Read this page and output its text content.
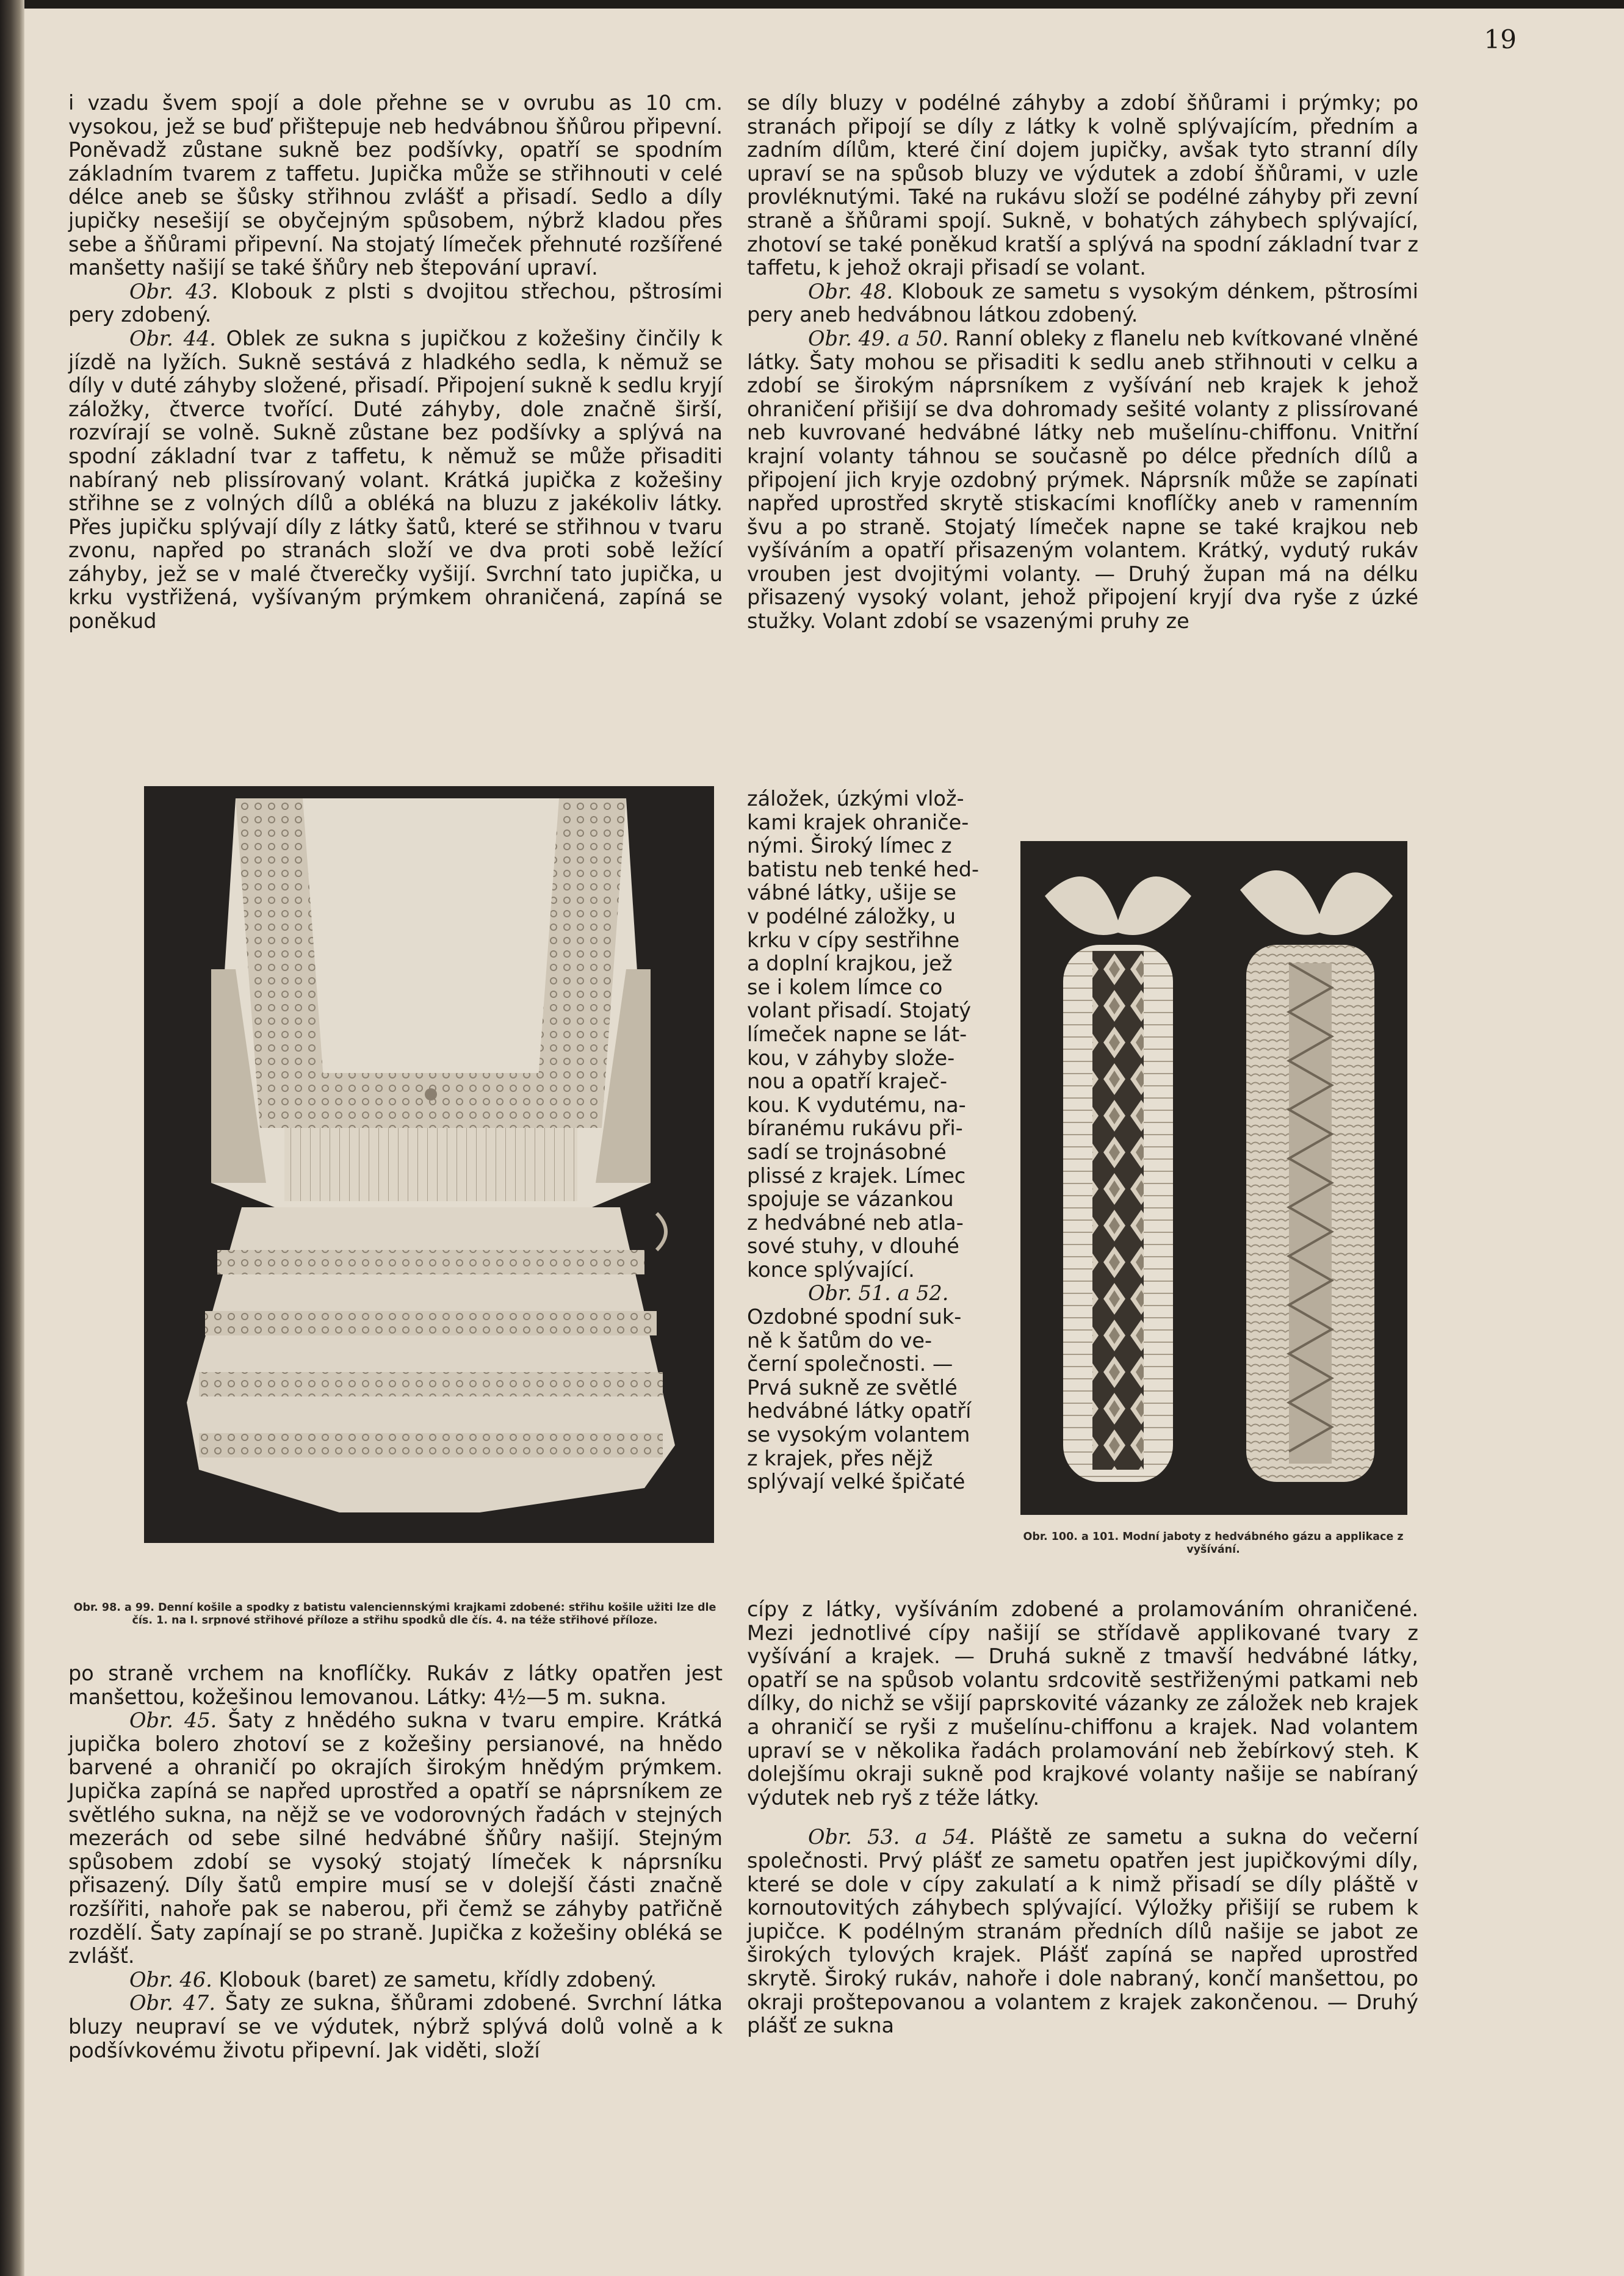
19

i vzadu švem spojí a dole přehne se v ovrubu as 10 cm. vysokou, jež se buď přištepuje neb hedvábnou šňůrou připevní. Poněvadž zůstane sukně bez podšívky, opatří se spodním základním tvarem z taffetu. Jupička může se střihnouti v celé délce aneb se šůsky střihnou zvlášť a přisadí. Sedlo a díly jupičky nesešijí se obyčejným spůsobem, nýbrž kladou přes sebe a šňůrami připevní. Na stojatý límeček přehnuté rozšířené manšetty našijí se také šňůry neb štepování upraví.

Obr. 43. Klobouk z plsti s dvojitou střechou, pštrosími pery zdobený.

Obr. 44. Oblek ze sukna s jupičkou z kožešiny činčily k jízdě na lyžích. Sukně sestává z hladkého sedla, k němuž se díly v duté záhyby složené, přisadí. Připojení sukně k sedlu kryjí záložky, čtverce tvořící. Duté záhyby, dole značně širší, rozvírají se volně. Sukně zůstane bez podšívky a splývá na spodní základní tvar z taffetu, k němuž se může přisaditi nabíraný neb plissírovaný volant. Krátká jupička z kožešiny střihne se z volných dílů a obléká na bluzu z jakékoliv látky. Přes jupičku splývají díly z látky šatů, které se střihnou v tvaru zvonu, napřed po stranách složí ve dva proti sobě ležící záhyby, jež se v malé čtverečky vyšijí. Svrchní tato jupička, u krku vystřižená, vyšívaným prýmkem ohraničená, zapíná se poněkud

Obr. 98. a 99. Denní košile a spodky z batistu valenciennskými krajkami zdobené: střihu košile užiti lze dle čís. 1. na I. srpnové střihové příloze a střihu spodků dle čís. 4. na téže střihové příloze.

po straně vrchem na knoflíčky. Rukáv z látky opatřen jest manšettou, kožešinou lemovanou. Látky: 4½—5 m. sukna.

Obr. 45. Šaty z hnědého sukna v tvaru empire. Krátká jupička bolero zhotoví se z kožešiny persianové, na hnědo barvené a ohraničí po okrajích širokým hnědým prýmkem. Jupička zapíná se napřed uprostřed a opatří se náprsníkem ze světlého sukna, na nějž se ve vodorovných řadách v stejných mezerách od sebe silné hedvábné šňůry našijí. Stejným spůsobem zdobí se vysoký stojatý límeček k náprsníku přisazený. Díly šatů empire musí se v dolejší části značně rozšířiti, nahoře pak se naberou, při čemž se záhyby patřičně rozdělí. Šaty zapínají se po straně. Jupička z kožešiny obléká se zvlášť.

Obr. 46. Klobouk (baret) ze sametu, křídly zdobený.

Obr. 47. Šaty ze sukna, šňůrami zdobené. Svrchní látka bluzy neupraví se ve výdutek, nýbrž splývá dolů volně a k podšívkovému životu připevní. Jak viděti, složí

se díly bluzy v podélné záhyby a zdobí šňůrami i prýmky; po stranách připojí se díly z látky k volně splývajícím, předním a zadním dílům, které činí dojem jupičky, avšak tyto stranní díly upraví se na spůsob bluzy ve výdutek a zdobí šňůrami, v uzle provléknutými. Také na rukávu složí se podélné záhyby při zevní straně a šňůrami spojí. Sukně, v bohatých záhybech splývající, zhotoví se také poněkud kratší a splývá na spodní základní tvar z taffetu, k jehož okraji přisadí se volant.

Obr. 48. Klobouk ze sametu s vysokým dénkem, pštrosími pery aneb hedvábnou látkou zdobený.

Obr. 49. a 50. Ranní obleky z flanelu neb kvítkované vlněné látky. Šaty mohou se přisaditi k sedlu aneb střihnouti v celku a zdobí se širokým náprsníkem z vyšívání neb krajek k jehož ohraničení přišijí se dva dohromady sešité volanty z plissírované neb kuvrované hedvábné látky neb mušelínu-chiffonu. Vnitřní krajní volanty táhnou se současně po délce předních dílů a připojení jich kryje ozdobný prýmek. Náprsník může se zapínati napřed uprostřed skrytě stiskacími knoflíčky aneb v ramenním švu a po straně. Stojatý límeček napne se také krajkou neb vyšíváním a opatří přisazeným volantem. Krátký, vydutý rukáv vrouben jest dvojitými volanty. — Druhý župan má na délku přisazený vysoký volant, jehož připojení kryjí dva ryše z úzké stužky. Volant zdobí se vsazenými pruhy ze

záložek, úzkými vlož-
kami krajek ohraniče-
nými. Široký límec z
batistu neb tenké hed-
vábné látky, ušije se
v podélné záložky, u
krku v cípy sestřihne
a doplní krajkou, jež
se i kolem límce co
volant přisadí. Stojatý
límeček napne se lát-
kou, v záhyby slože-
nou a opatří kraječ-
kou. K vydutému, na-
bíranému rukávu při-
sadí se trojnásobné
plissé z krajek. Límec
spojuje se vázankou
z hedvábné neb atla-
sové stuhy, v dlouhé
konce splývající.
Obr. 51. a 52.
Ozdobné spodní suk-
ně k šatům do ve-
černí společnosti. —
Prvá sukně ze světlé
hedvábné látky opatří
se vysokým volantem
z krajek, přes nějž
splývají velké špičaté
Obr. 100. a 101. Modní jaboty z hedvábného gázu a applikace z vyšívání.

cípy z látky, vyšíváním zdobené a prolamováním ohraničené. Mezi jednotlivé cípy našijí se střídavě applikované tvary z vyšívání a krajek. — Druhá sukně z tmavší hedvábné látky, opatří se na spůsob volantu srdcovitě sestřiženými patkami neb dílky, do nichž se všijí paprskovité vázanky ze záložek neb krajek a ohraničí se ryši z mušelínu-chiffonu a krajek. Nad volantem upraví se v několika řadách prolamování neb žebírkový steh. K dolejšímu okraji sukně pod krajkové volanty našije se nabíraný výdutek neb ryš z téže látky.

Obr. 53. a 54. Pláště ze sametu a sukna do večerní společnosti. Prvý plášť ze sametu opatřen jest jupičkovými díly, které se dole v cípy zakulatí a k nimž přisadí se díly pláště v kornoutovitých záhybech splývající. Výložky přišijí se rubem k jupičce. K podélným stranám předních dílů našije se jabot ze širokých tylových krajek. Plášť zapíná se napřed uprostřed skrytě. Široký rukáv, nahoře i dole nabraný, končí manšettou, po okraji proštepovanou a volantem z krajek zakončenou. — Druhý plášť ze sukna
